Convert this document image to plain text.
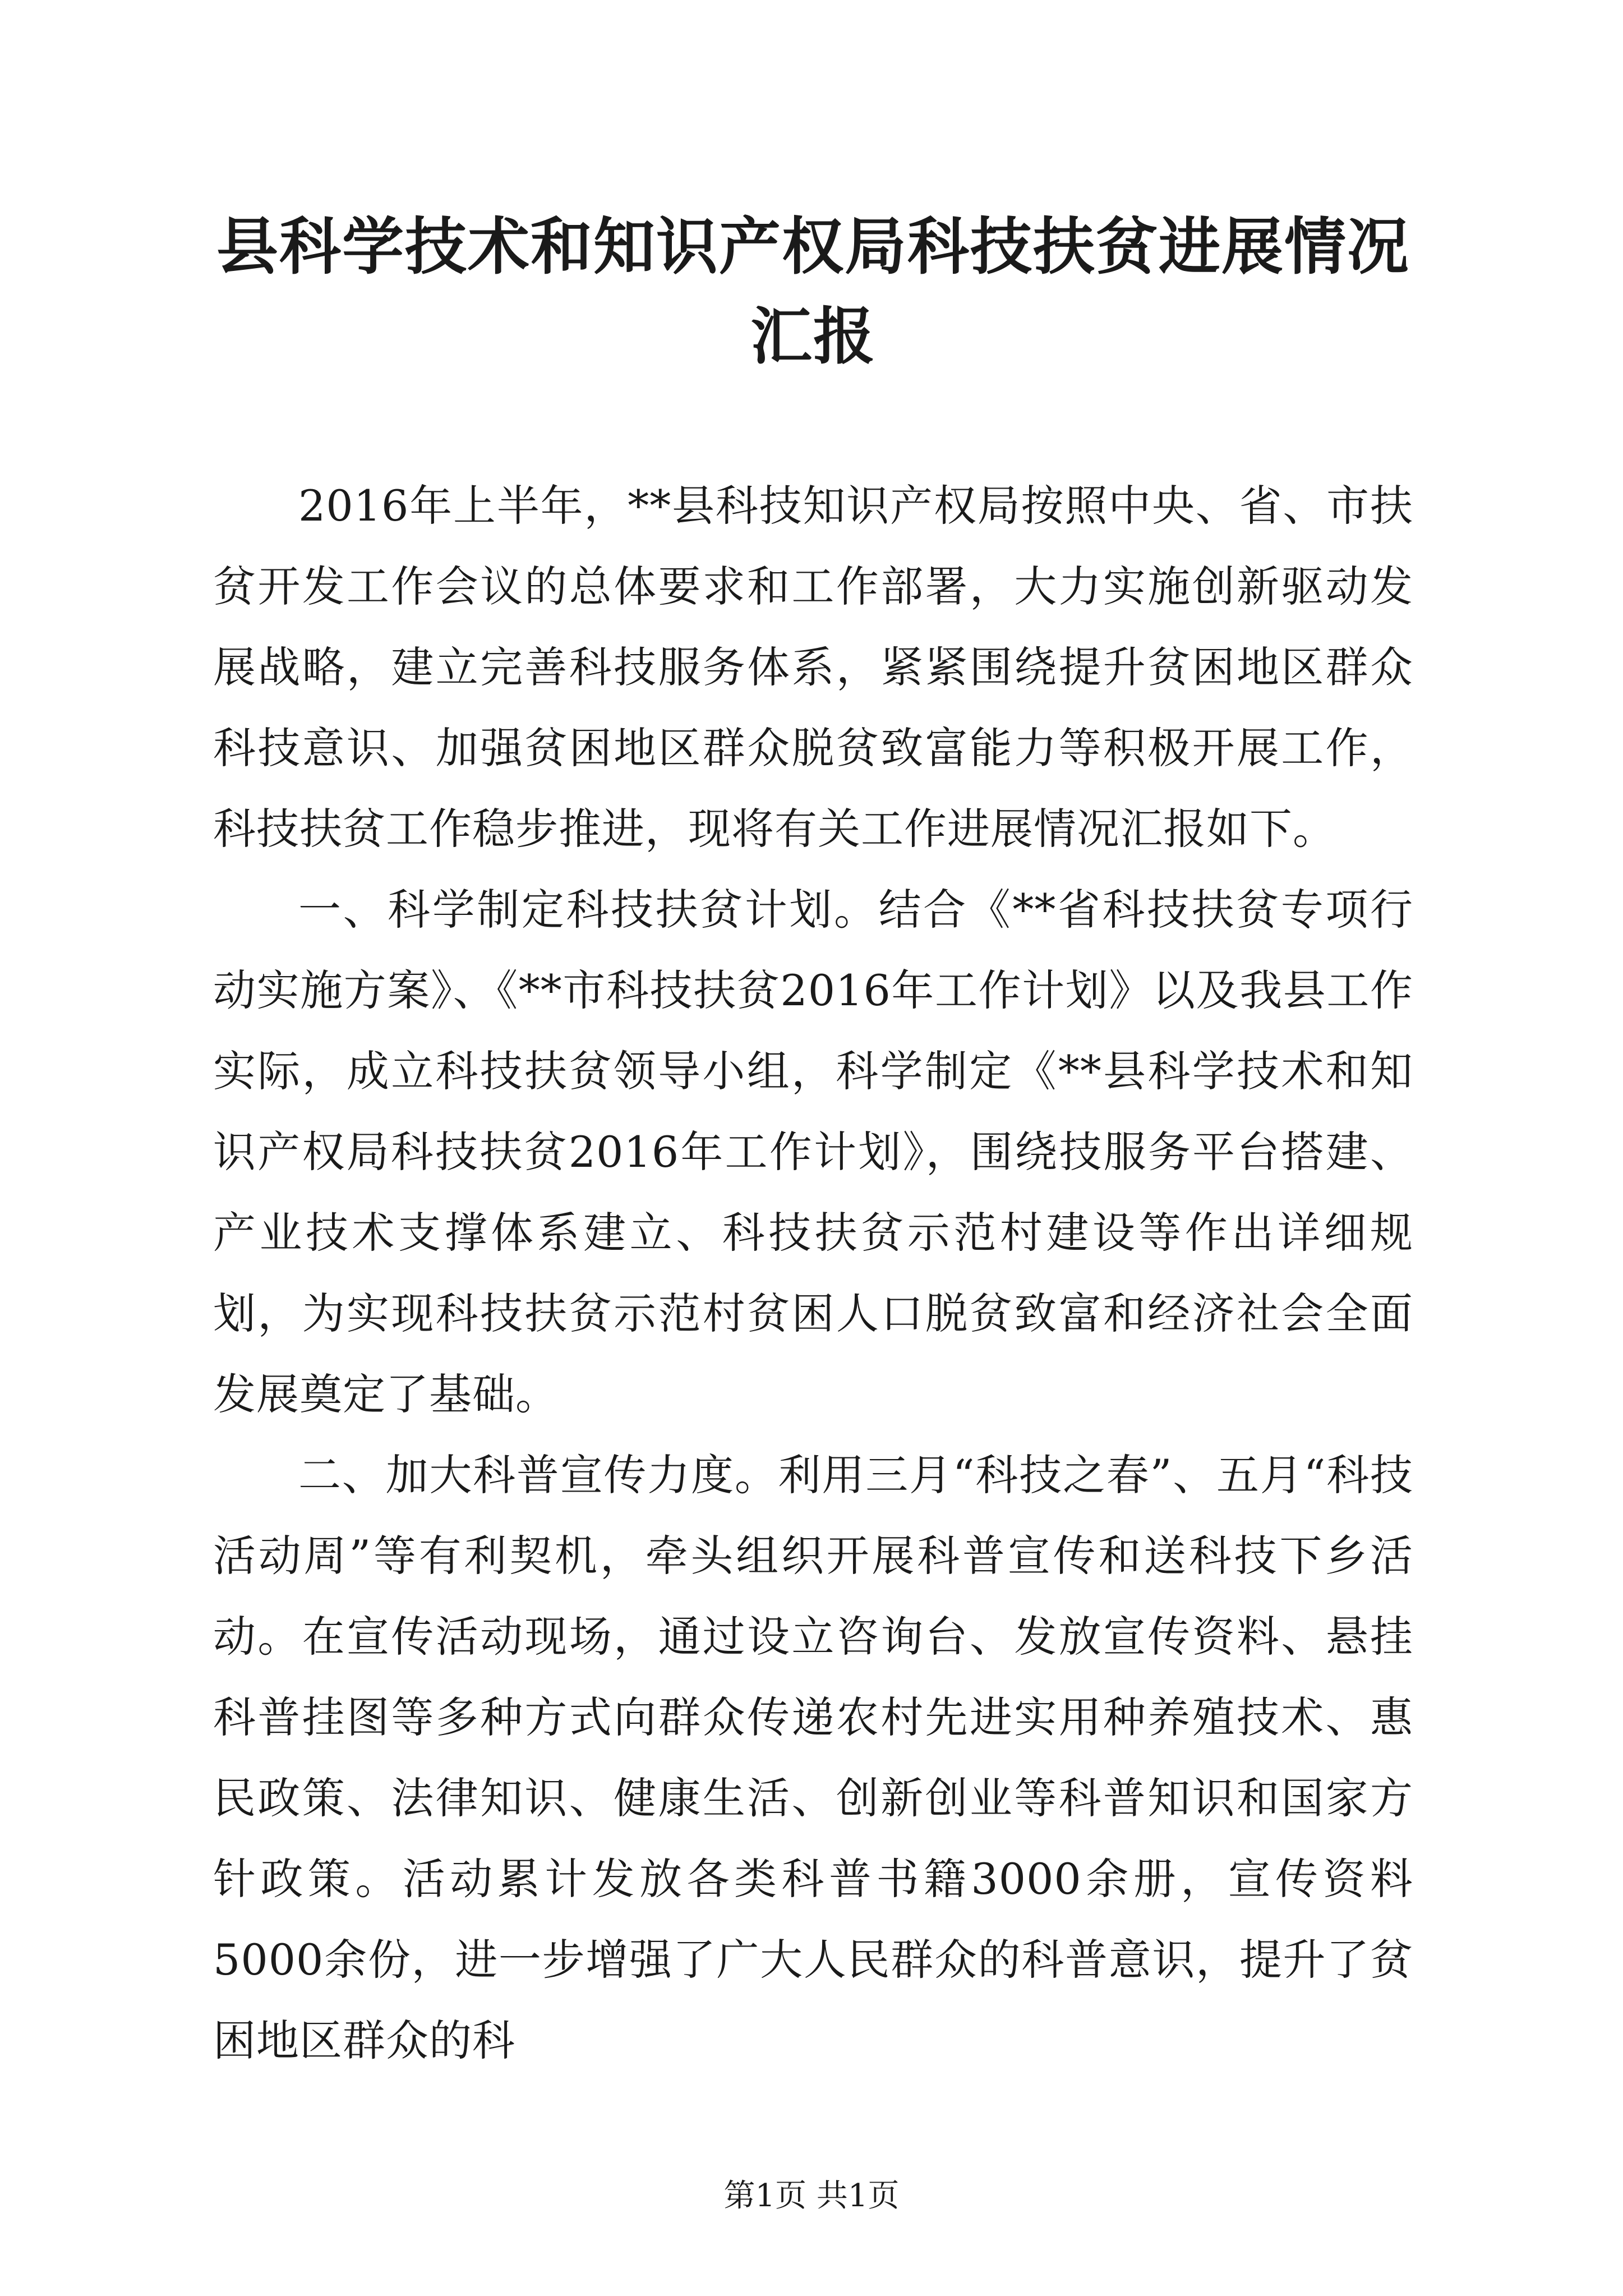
县科学技术和知识产权局科技扶贫进展情况汇报

2016年上半年，**县科技知识产权局按照中央、省、市扶贫开发工作会议的总体要求和工作部署，大力实施创新驱动发展战略，建立完善科技服务体系，紧紧围绕提升贫困地区群众科技意识、加强贫困地区群众脱贫致富能力等积极开展工作，科技扶贫工作稳步推进，现将有关工作进展情况汇报如下。

一、科学制定科技扶贫计划。结合《**省科技扶贫专项行动实施方案》、《**市科技扶贫2016年工作计划》以及我县工作实际，成立科技扶贫领导小组，科学制定《**县科学技术和知识产权局科技扶贫2016年工作计划》，围绕技服务平台搭建、产业技术支撑体系建立、科技扶贫示范村建设等作出详细规划，为实现科技扶贫示范村贫困人口脱贫致富和经济社会全面发展奠定了基础。

二、加大科普宣传力度。利用三月“科技之春”、五月“科技活动周”等有利契机，牵头组织开展科普宣传和送科技下乡活动。在宣传活动现场，通过设立咨询台、发放宣传资料、悬挂科普挂图等多种方式向群众传递农村先进实用种养殖技术、惠民政策、法律知识、健康生活、创新创业等科普知识和国家方针政策。活动累计发放各类科普书籍3000余册，宣传资料5000余份，进一步增强了广大人民群众的科普意识，提升了贫困地区群众的科

第1页 共1页
